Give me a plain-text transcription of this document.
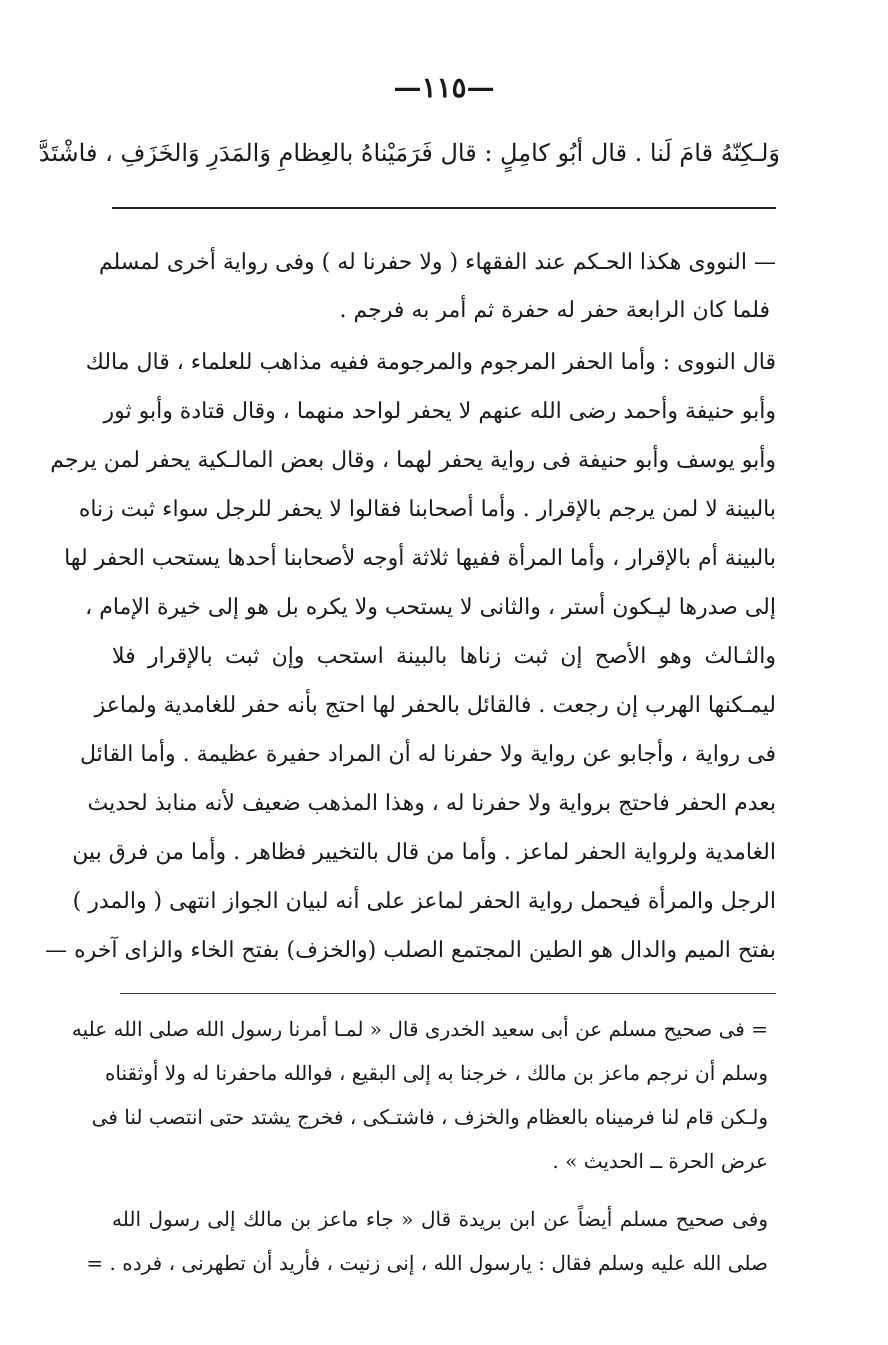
—١١٥—
وَلـكِنّهُ قامَ لَنا . قال أبُو كامِلٍ : قال فَرَمَيْناهُ بالعِظامِ وَالمَدَرِ وَالخَزَفِ ، فاشْتَدَّ
— النووى هكذا الحـكم عند الفقهاء ( ولا حفرنا له ) وفى رواية أخرى لمسلم
فلما كان الرابعة حفر له حفرة ثم أمر به فرجم .
قال النووى : وأما الحفر المرجوم والمرجومة ففيه مذاهب للعلماء ، قال مالك
وأبو حنيفة وأحمد رضى الله عنهم لا يحفر لواحد منهما ، وقال قتادة وأبو ثور
وأبو يوسف وأبو حنيفة فى رواية يحفر لهما ، وقال بعض المالـكية يحفر لمن يرجم
بالبينة لا لمن يرجم بالإقرار . وأما أصحابنا فقالوا لا يحفر للرجل سواء ثبت زناه
بالبينة أم بالإقرار ، وأما المرأة ففيها ثلاثة أوجه لأصحابنا أحدها يستحب الحفر لها
إلى صدرها ليـكون أستر ، والثانى لا يستحب ولا يكره بل هو إلى خيرة الإمام ،
والثـالث وهو الأصح إن ثبت زناها بالبينة استحب وإن ثبت بالإقرار فلا
ليمـكنها الهرب إن رجعت . فالقائل بالحفر لها احتج بأنه حفر للغامدية ولماعز
فى رواية ، وأجابو عن رواية ولا حفرنا له أن المراد حفيرة عظيمة . وأما القائل
بعدم الحفر فاحتج برواية ولا حفرنا له ، وهذا المذهب ضعيف لأنه منابذ لحديث
الغامدية ولرواية الحفر لماعز . وأما من قال بالتخيير فظاهر . وأما من فرق بين
الرجل والمرأة فيحمل رواية الحفر لماعز على أنه لبيان الجواز انتهى ( والمدر )
بفتح الميم والدال هو الطين المجتمع الصلب (والخزف) بفتح الخاء والزاى آخره —
= فى صحيح مسلم عن أبى سعيد الخدرى قال « لمـا أمرنا رسول الله صلى الله عليه
وسلم أن نرجم ماعز بن مالك ، خرجنا به إلى البقيع ، فوالله ماحفرنا له ولا أوثقناه
ولـكن قام لنا فرميناه بالعظام والخزف ، فاشتـكى ، فخرج يشتد حتى انتصب لنا فى
عرض الحرة ــ الحديث » .
وفى صحيح مسلم أيضاً عن ابن بريدة قال « جاء ماعز بن مالك إلى رسول الله
صلى الله عليه وسلم فقال : يارسول الله ، إنى زنيت ، فأريد أن تطهرنى ، فرده . =
